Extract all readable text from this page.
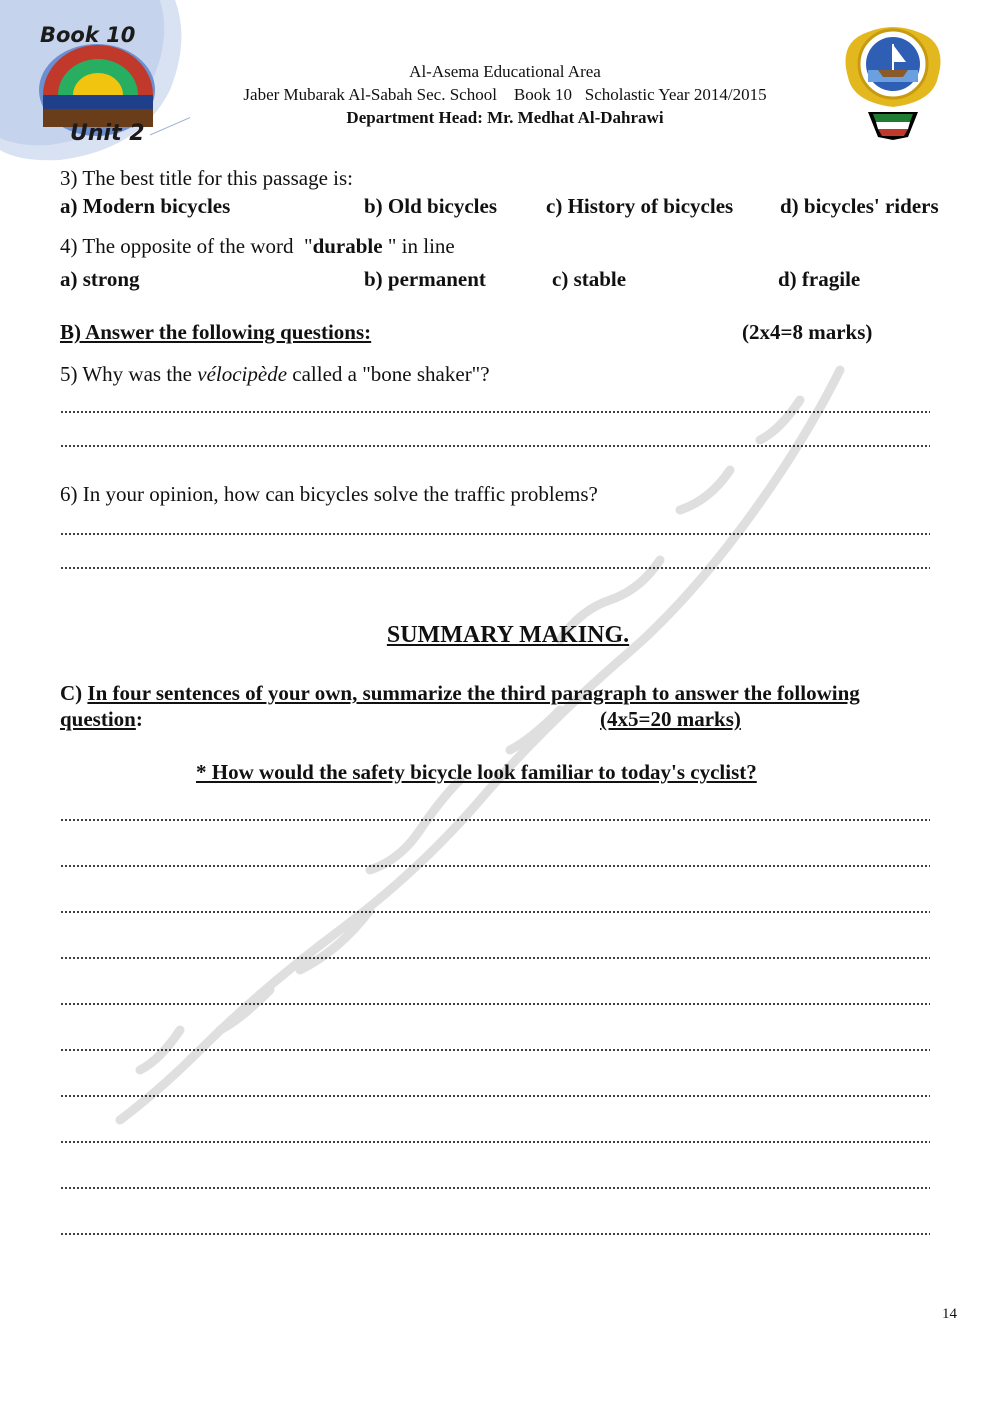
Book 10
Unit 2
Al-Asema Educational Area
Jaber Mubarak Al-Sabah Sec. School    Book 10   Scholastic Year 2014/2015
Department Head: Mr. Medhat Al-Dahrawi
3) The best title for this passage is:
a) Modern bicycles	b) Old bicycles c) History of bicycles d) bicycles' riders
4) The opposite of the word  "durable " in line
a) strong	b) permanent	c) stable	d) fragile
B) Answer the following questions:	(2x4=8 marks)
5) Why was the vélocipède called a "bone shaker"?
6) In your opinion, how can bicycles solve the traffic problems?
SUMMARY MAKING.
C) In four sentences of your own, summarize the third paragraph to answer the following
question:	(4x5=20 marks)
* How would the safety bicycle look familiar to today's cyclist?
14
